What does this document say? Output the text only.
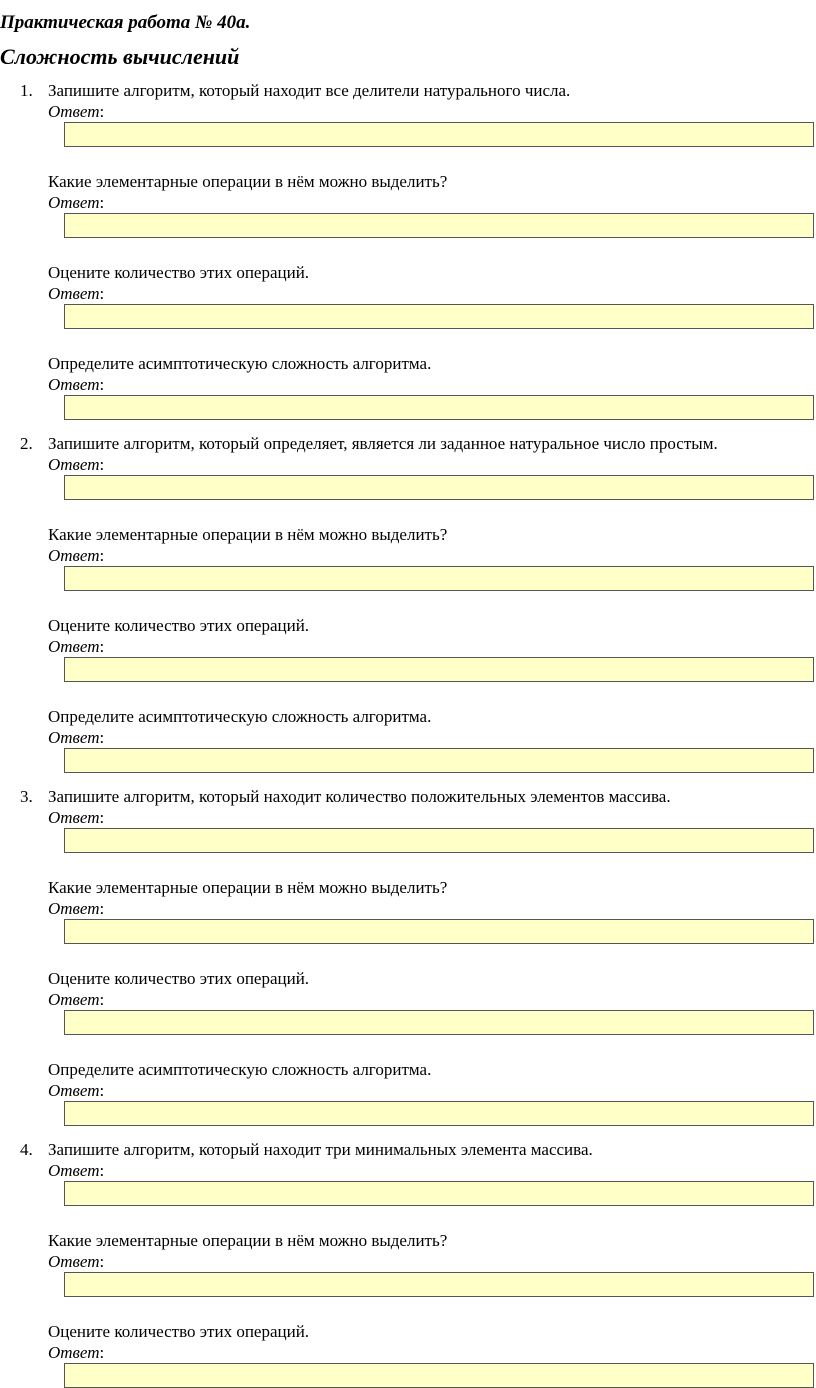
Практическая работа № 40а.
Сложность вычислений
1. Запишите алгоритм, который находит все делители натурального числа.
Ответ:
Какие элементарные операции в нём можно выделить?
Ответ:
Оцените количество этих операций.
Ответ:
Определите асимптотическую сложность алгоритма.
Ответ:
2. Запишите алгоритм, который определяет, является ли заданное натуральное число простым.
Ответ:
Какие элементарные операции в нём можно выделить?
Ответ:
Оцените количество этих операций.
Ответ:
Определите асимптотическую сложность алгоритма.
Ответ:
3. Запишите алгоритм, который находит количество положительных элементов массива.
Ответ:
Какие элементарные операции в нём можно выделить?
Ответ:
Оцените количество этих операций.
Ответ:
Определите асимптотическую сложность алгоритма.
Ответ:
4. Запишите алгоритм, который находит три минимальных элемента массива.
Ответ:
Какие элементарные операции в нём можно выделить?
Ответ:
Оцените количество этих операций.
Ответ:
